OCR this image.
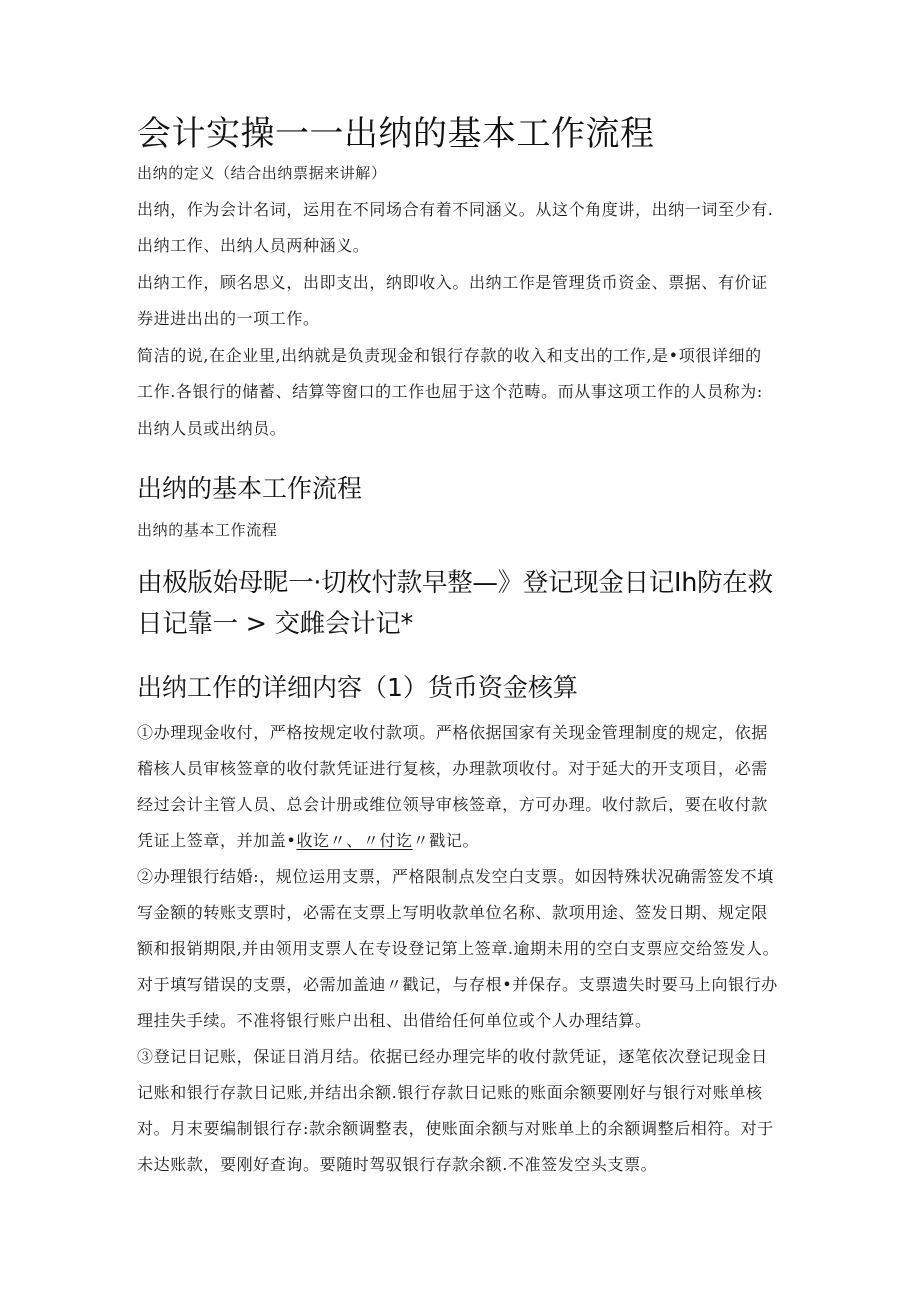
会计实操一一出纳的基本工作流程

出纳的定义（结合出纳票据来讲解）

出纳，作为会计名词，运用在不同场合有着不同涵义。从这个角度讲，出纳一词至少有.

出纳工作、出纳人员两种涵义。

出纳工作，顾名思义，出即支出，纳即收入。出纳工作是管理货币资金、票据、有价证

券进进出出的一项工作。

简洁的说,在企业里,出纳就是负责现金和银行存款的收入和支出的工作,是•项很详细的

工作.各银行的储蓄、结算等窗口的工作也屈于这个范畴。而从事这项工作的人员称为:

出纳人员或出纳员。

出纳的基本工作流程

出纳的基本工作流程

由极版始母昵一·切枚忖款早整—》登记现金日记Ih防在救
日记靠一 > 交雌会计记*
出纳工作的详细内容（1）货币资金核算

①办理现金收付，严格按规定收付款项。严格依据国家有关现金管理制度的规定，依据

稽核人员审核签章的收付款凭证进行复核，办理款项收付。对于延大的开支项目，必需

经过会计主管人员、总会计册或维位领导审核签章，方可办理。收付款后，要在收付款

凭证上签章，并加盖•收讫〃、〃付讫〃戳记。

②办理银行结婚:，规位运用支票，严格限制点发空白支票。如因特殊状况确需签发不填

写金额的转账支票时，必需在支票上写明收款单位名称、款项用途、签发日期、规定限

额和报销期限,并由领用支票人在专设登记第上签章.逾期未用的空白支票应交给签发人。

对于填写错误的支票，必需加盖迪〃戳记，与存根•并保存。支票遗失时要马上向银行办

理挂失手续。不准将银行账户出租、出借给任何单位或个人办理结算。

③登记日记账，保证日消月结。依据已经办理完毕的收付款凭证，逐笔依次登记现金日

记账和银行存款日记账,并结出余额.银行存款日记账的账面余额要刚好与银行对账单核

对。月末要编制银行存:款余额调整表，使账面余额与对账单上的余额调整后相符。对于

未达账款，要刚好查询。要随时驾驭银行存款余额.不准签发空头支票。
